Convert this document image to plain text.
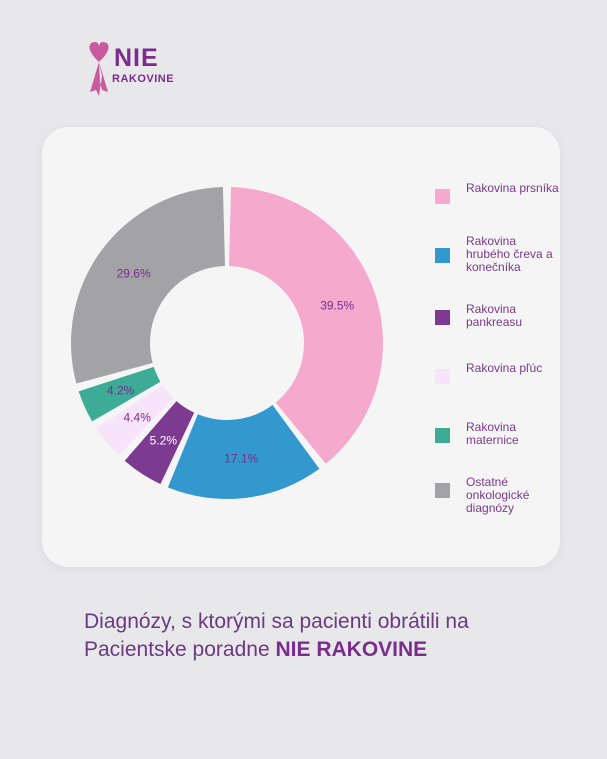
NIE
RAKOVINE
39.5%
17.1%
5.2%
4.4%
4.2%
29.6%
Rakovina prsníka
Rakovina hrubého čreva a konečníka
Rakovina pankreasu
Rakovina pľúc
Rakovina maternice
Ostatné onkologické diagnózy
Diagnózy, s ktorými sa pacienti obrátili na Pacientske poradne NIE RAKOVINE
